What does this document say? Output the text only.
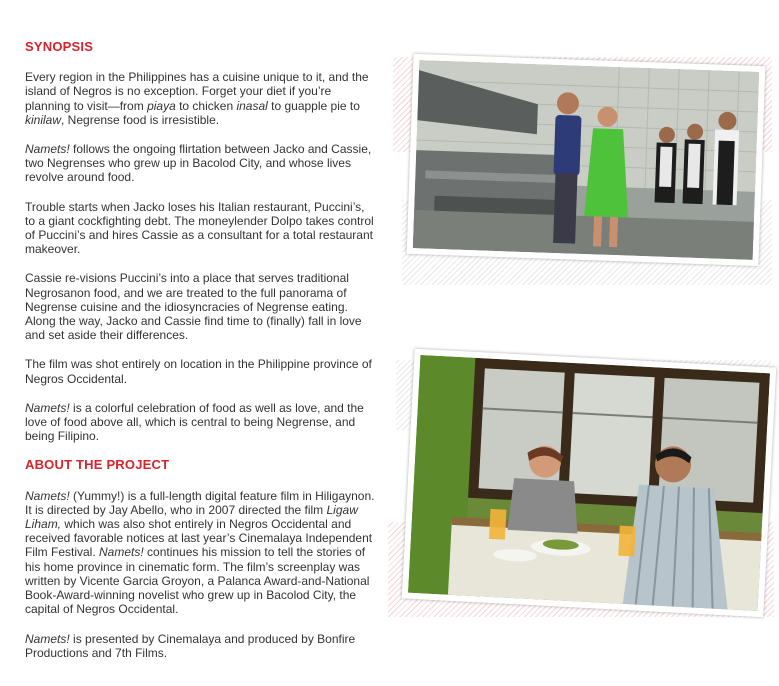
SYNOPSIS

Every region in the Philippines has a cuisine unique to it, and the island of Negros is no exception. Forget your diet if you’re planning to visit—from piaya to chicken inasal to guapple pie to kinilaw, Negrense food is irresistible.

Namets! follows the ongoing flirtation between Jacko and Cassie, two Negrenses who grew up in Bacolod City, and whose lives revolve around food.

Trouble starts when Jacko loses his Italian restaurant, Puccini’s, to a giant cockfighting debt. The moneylender Dolpo takes control of Puccini’s and hires Cassie as a consultant for a total restaurant makeover.

Cassie re-visions Puccini’s into a place that serves traditional Negrosanon food, and we are treated to the full panorama of Negrense cuisine and the idiosyncracies of Negrense eating. Along the way, Jacko and Cassie find time to (finally) fall in love and set aside their differences.

The film was shot entirely on location in the Philippine province of Negros Occidental.

Namets! is a colorful celebration of food as well as love, and the love of food above all, which is central to being Negrense, and being Filipino.

ABOUT THE PROJECT

Namets! (Yummy!) is a full-length digital feature film in Hiligaynon. It is directed by Jay Abello, who in 2007 directed the film Ligaw Liham, which was also shot entirely in Negros Occidental and received favorable notices at last year’s Cinemalaya Independent Film Festival. Namets! continues his mission to tell the stories of his home province in cinematic form. The film’s screenplay was written by Vicente Garcia Groyon, a Palanca Award-and-National Book-Award-winning novelist who grew up in Bacolod City, the capital of Negros Occidental.

Namets! is presented by Cinemalaya and produced by Bonfire Productions and 7th Films.
